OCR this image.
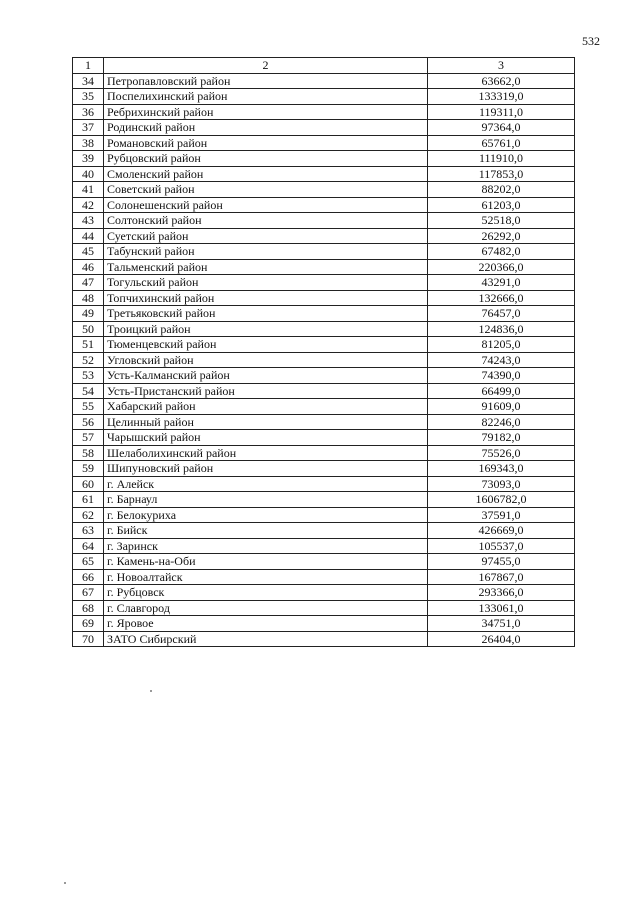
532
1	2	3
34	Петропавловский район	63662,0
35	Поспелихинский район	133319,0
36	Ребрихинский район	119311,0
37	Родинский район	97364,0
38	Романовский район	65761,0
39	Рубцовский район	111910,0
40	Смоленский район	117853,0
41	Советский район	88202,0
42	Солонешенский район	61203,0
43	Солтонский район	52518,0
44	Суетский район	26292,0
45	Табунский район	67482,0
46	Тальменский район	220366,0
47	Тогульский район	43291,0
48	Топчихинский район	132666,0
49	Третьяковский район	76457,0
50	Троицкий район	124836,0
51	Тюменцевский район	81205,0
52	Угловский район	74243,0
53	Усть-Калманский район	74390,0
54	Усть-Пристанский район	66499,0
55	Хабарский район	91609,0
56	Целинный район	82246,0
57	Чарышский район	79182,0
58	Шелаболихинский район	75526,0
59	Шипуновский район	169343,0
60	г. Алейск	73093,0
61	г. Барнаул	1606782,0
62	г. Белокуриха	37591,0
63	г. Бийск	426669,0
64	г. Заринск	105537,0
65	г. Камень-на-Оби	97455,0
66	г. Новоалтайск	167867,0
67	г. Рубцовск	293366,0
68	г. Славгород	133061,0
69	г. Яровое	34751,0
70	ЗАТО Сибирский	26404,0
